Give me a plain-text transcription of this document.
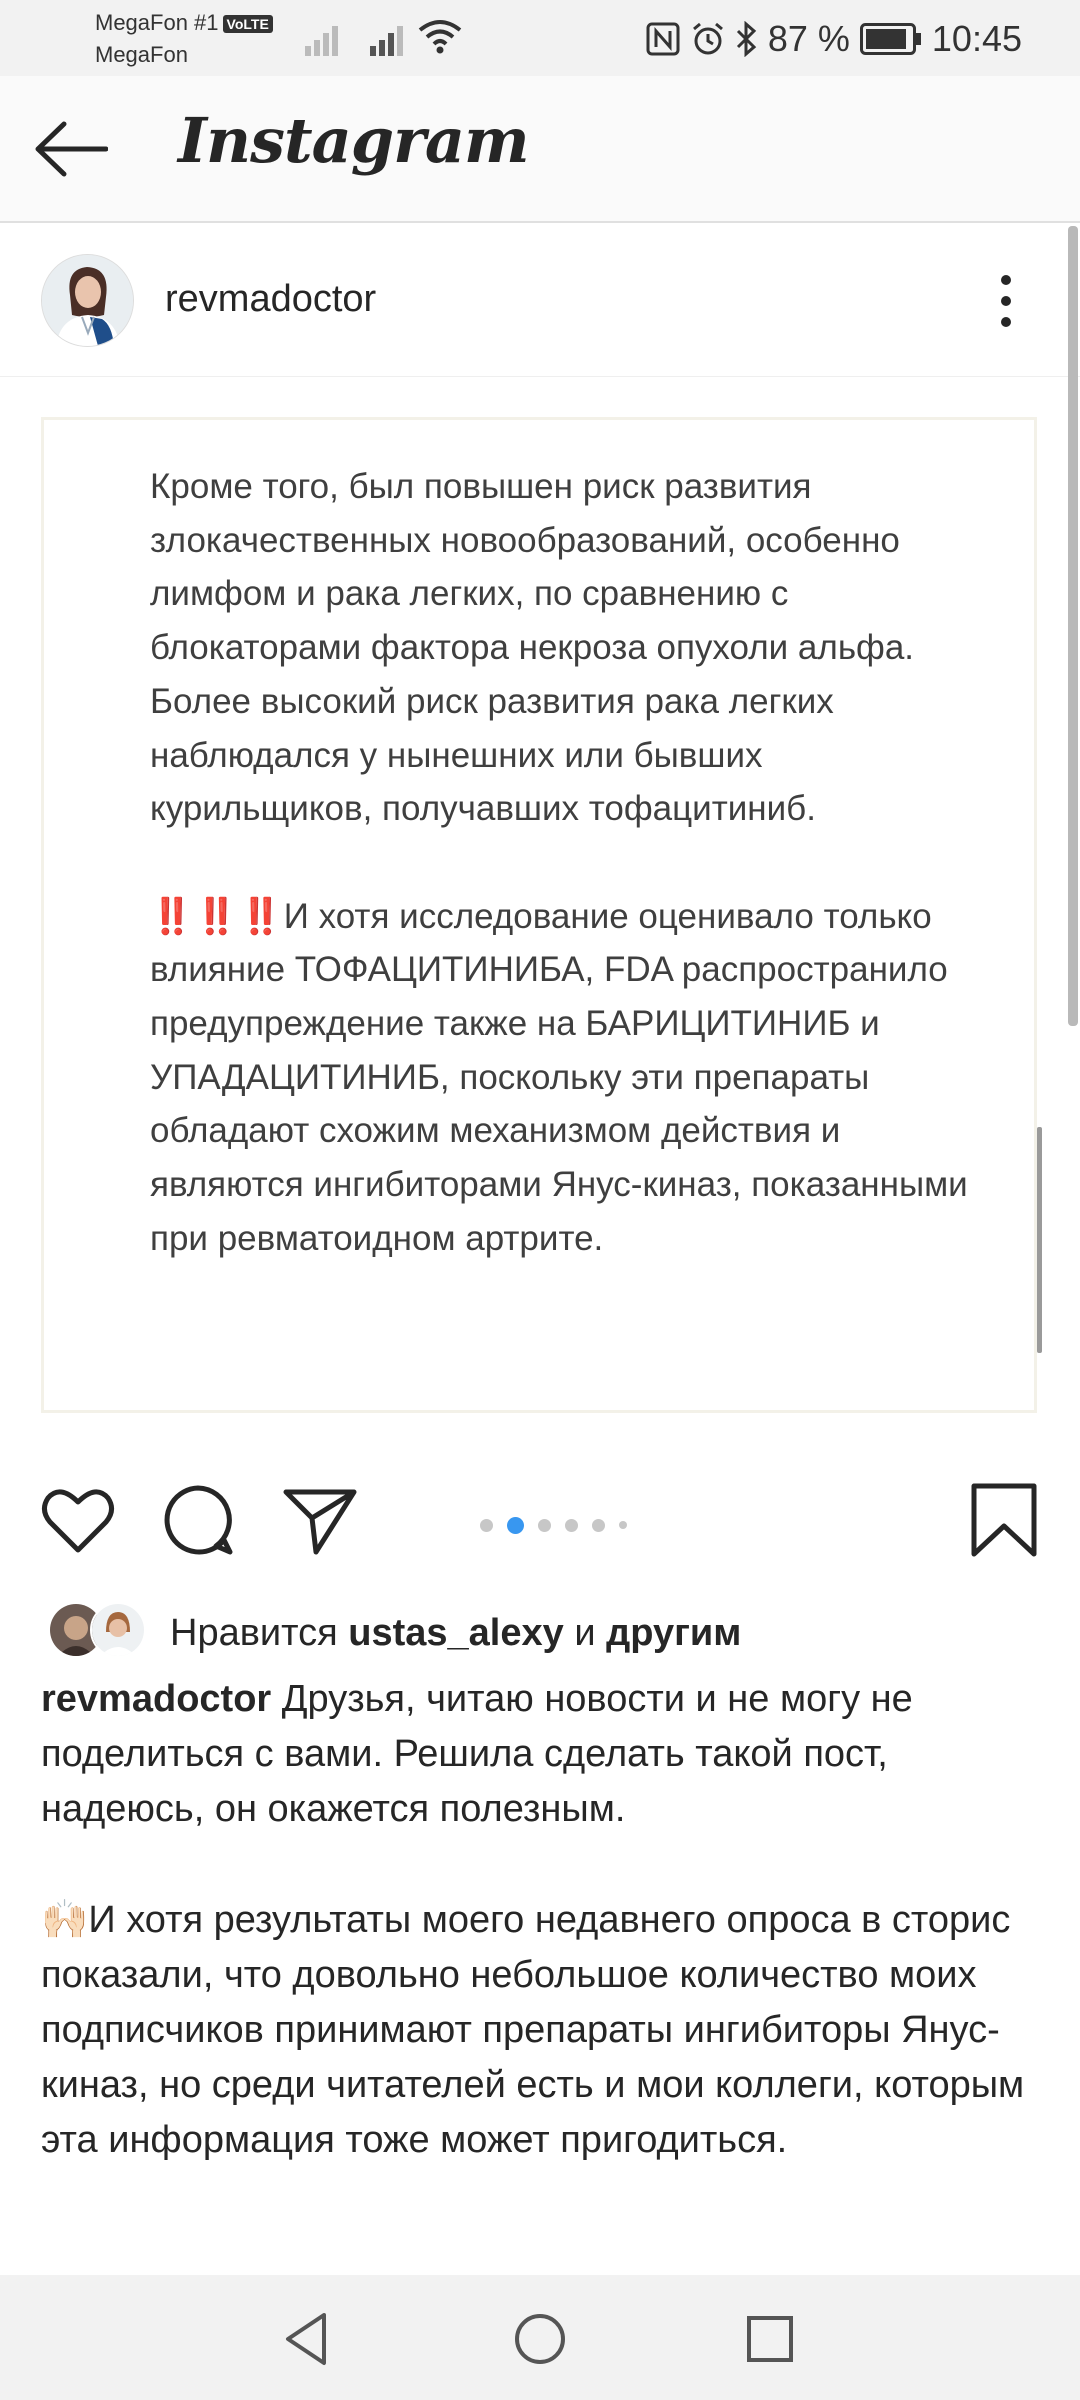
MegaFon #1 VoLTE
MegaFon	87 % 10:45
Instagram
revmadoctor

Кроме того, был повышен риск развития злокачественных новообразований, особенно лимфом и рака легких, по сравнению с блокаторами фактора некроза опухоли альфа. Более высокий риск развития рака легких наблюдался у нынешних или бывших курильщиков, получавших тофацитиниб.

‼️‼️‼️И хотя исследование оценивало только влияние ТОФАЦИТИНИБА, FDA распространило предупреждение также на БАРИЦИТИНИБ и УПАДАЦИТИНИБ, поскольку эти препараты обладают схожим механизмом действия и являются ингибиторами Янус-киназ, показанными при ревматоидном артрите.

Нравится ustas_alexy и другим

revmadoctor Друзья, читаю новости и не могу не поделиться с вами. Решила сделать такой пост, надеюсь, он окажется полезным.

🙌🏻И хотя результаты моего недавнего опроса в сторис показали, что довольно небольшое количество моих подписчиков принимают препараты ингибиторы Янус-киназ, но среди читателей есть и мои коллеги, которым эта информация тоже может пригодиться.
